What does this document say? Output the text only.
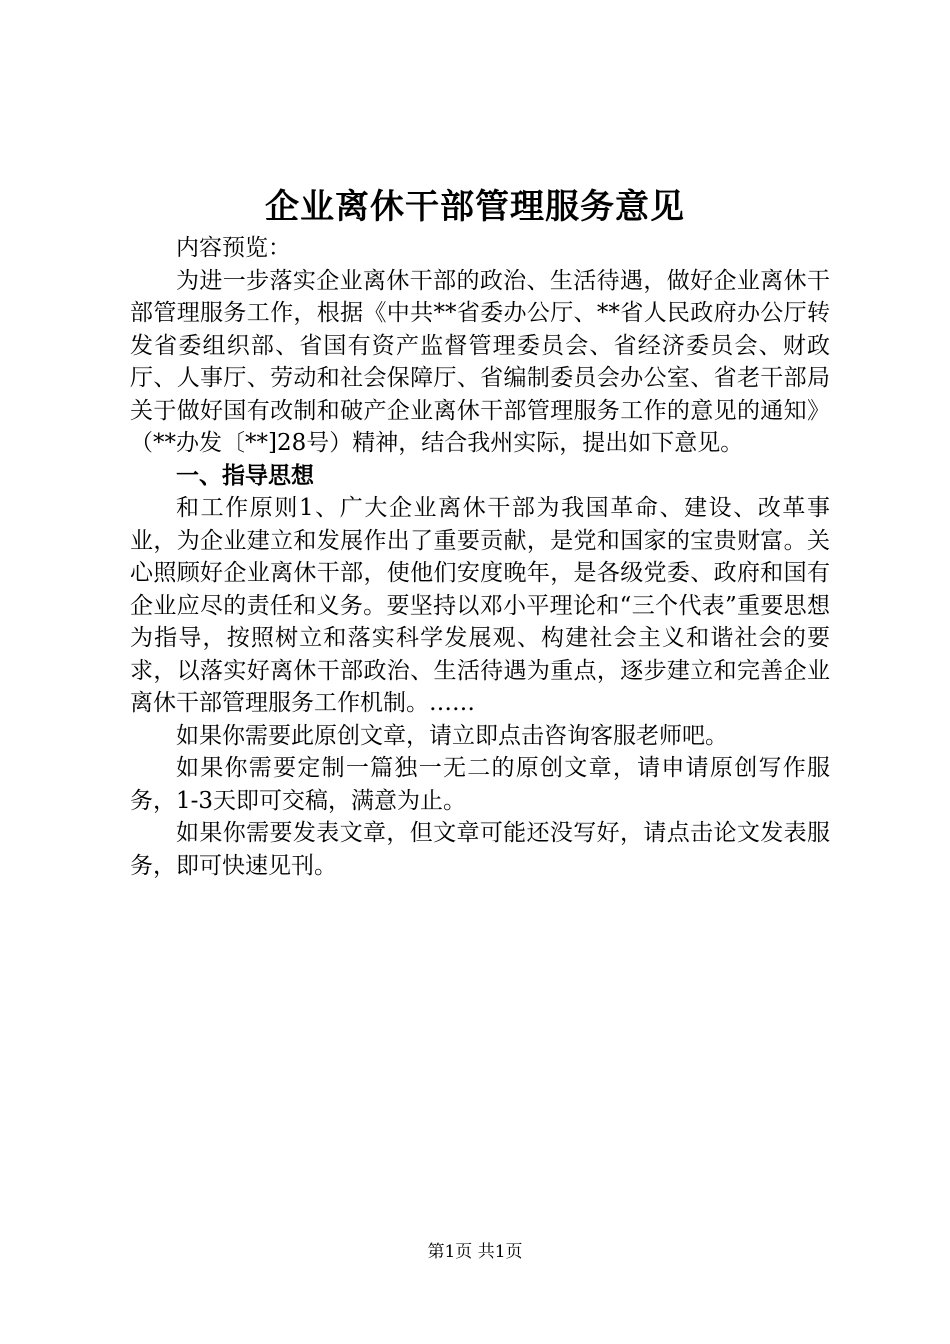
企业离休干部管理服务意见

内容预览：

为进一步落实企业离休干部的政治、生活待遇，做好企业离休干部管理服务工作，根据《中共**省委办公厅、**省人民政府办公厅转发省委组织部、省国有资产监督管理委员会、省经济委员会、财政厅、人事厅、劳动和社会保障厅、省编制委员会办公室、省老干部局关于做好国有改制和破产企业离休干部管理服务工作的意见的通知》（**办发〔**]28号）精神，结合我州实际，提出如下意见。

一、指导思想

和工作原则1、广大企业离休干部为我国革命、建设、改革事业，为企业建立和发展作出了重要贡献，是党和国家的宝贵财富。关心照顾好企业离休干部，使他们安度晚年，是各级党委、政府和国有企业应尽的责任和义务。要坚持以邓小平理论和“三个代表”重要思想为指导，按照树立和落实科学发展观、构建社会主义和谐社会的要求，以落实好离休干部政治、生活待遇为重点，逐步建立和完善企业离休干部管理服务工作机制。……

如果你需要此原创文章，请立即点击咨询客服老师吧。

如果你需要定制一篇独一无二的原创文章，请申请原创写作服务，1-3天即可交稿，满意为止。

如果你需要发表文章，但文章可能还没写好，请点击论文发表服务，即可快速见刊。

第1页 共1页
